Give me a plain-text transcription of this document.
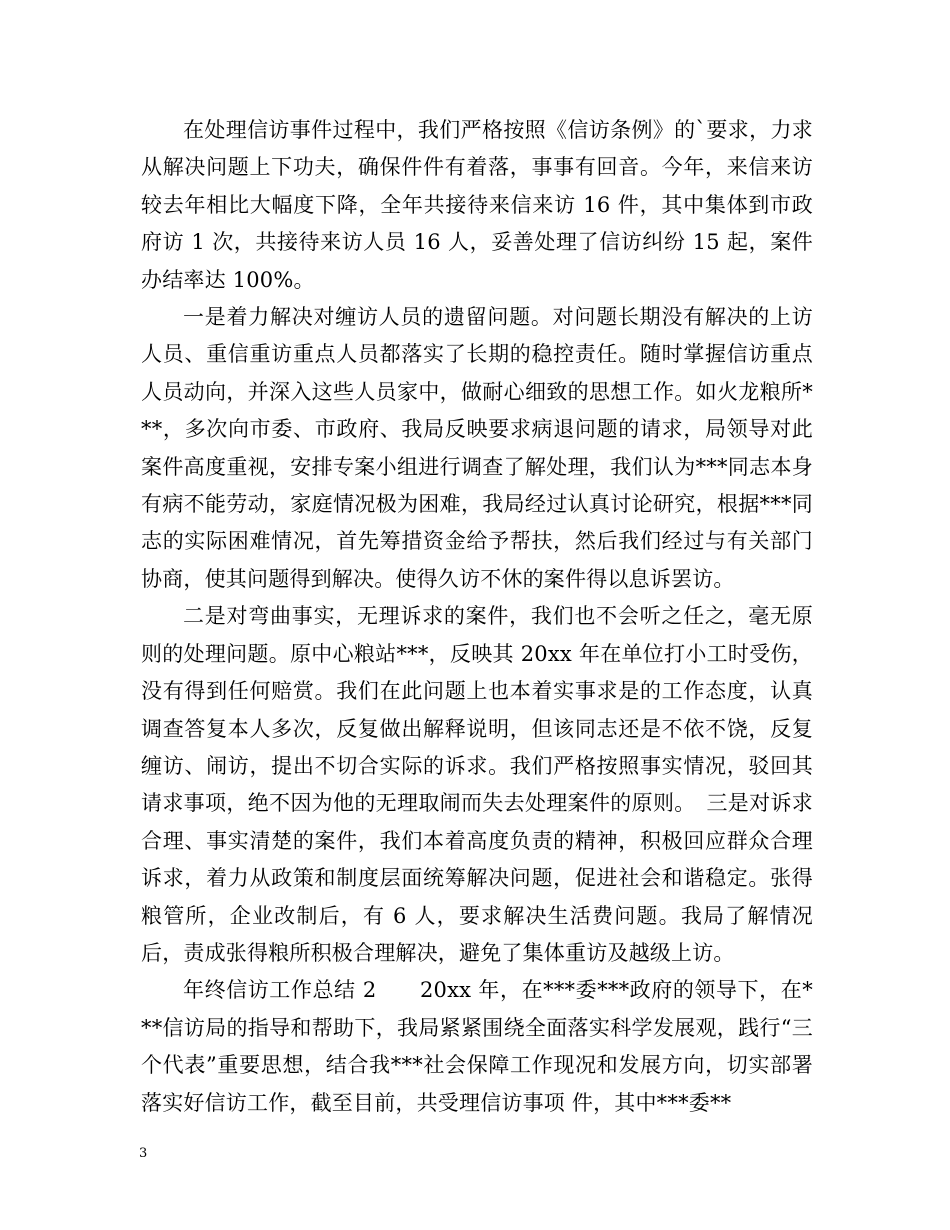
在处理信访事件过程中，我们严格按照《信访条例》的`要求，力求从解决问题上下功夫，确保件件有着落，事事有回音。今年，来信来访较去年相比大幅度下降，全年共接待来信来访 16 件，其中集体到市政府访 1 次，共接待来访人员 16 人，妥善处理了信访纠纷 15 起，案件办结率达 100%。

一是着力解决对缠访人员的遗留问题。对问题长期没有解决的上访人员、重信重访重点人员都落实了长期的稳控责任。随时掌握信访重点人员动向，并深入这些人员家中，做耐心细致的思想工作。如火龙粮所***，多次向市委、市政府、我局反映要求病退问题的请求，局领导对此案件高度重视，安排专案小组进行调查了解处理，我们认为***同志本身有病不能劳动，家庭情况极为困难，我局经过认真讨论研究，根据***同志的实际困难情况，首先筹措资金给予帮扶，然后我们经过与有关部门协商，使其问题得到解决。使得久访不休的案件得以息诉罢访。

二是对弯曲事实，无理诉求的案件，我们也不会听之任之，毫无原则的处理问题。原中心粮站***，反映其 20xx 年在单位打小工时受伤，没有得到任何赔赏。我们在此问题上也本着实事求是的工作态度，认真调查答复本人多次，反复做出解释说明，但该同志还是不依不饶，反复缠访、闹访，提出不切合实际的诉求。我们严格按照事实情况，驳回其请求事项，绝不因为他的无理取闹而失去处理案件的原则。　三是对诉求合理、事实清楚的案件，我们本着高度负责的精神，积极回应群众合理诉求，着力从政策和制度层面统筹解决问题，促进社会和谐稳定。张得粮管所，企业改制后，有 6 人，要求解决生活费问题。我局了解情况后，责成张得粮所积极合理解决，避免了集体重访及越级上访。

年终信访工作总结 2　　20xx 年，在***委***政府的领导下，在***信访局的指导和帮助下，我局紧紧围绕全面落实科学发展观，践行“三个代表”重要思想，结合我***社会保障工作现况和发展方向，切实部署落实好信访工作，截至目前，共受理信访事项 件，其中***委**

3
